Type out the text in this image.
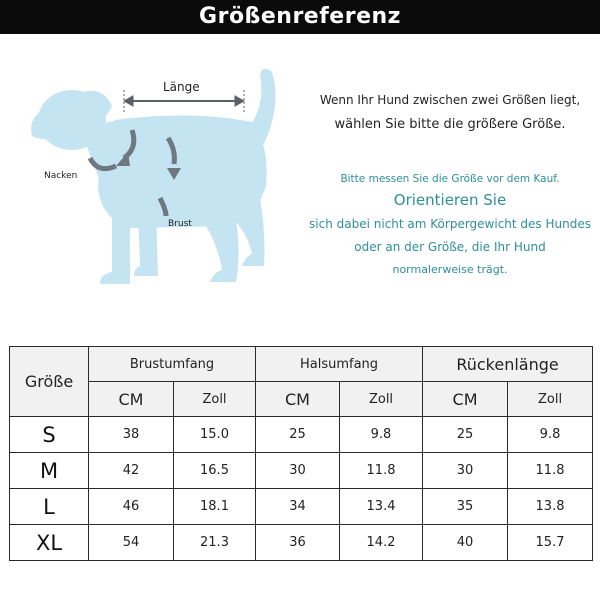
Größenreferenz
Länge
Nacken
Brust
Wenn Ihr Hund zwischen zwei Größen liegt,
wählen Sie bitte die größere Größe.
Bitte messen Sie die Größe vor dem Kauf.
Orientieren Sie
sich dabei nicht am Körpergewicht des Hundes
oder an der Größe, die Ihr Hund
normalerweise trägt.
Größe	Brustumfang		Halsumfang		Rückenlänge	
	CM	Zoll	CM	Zoll	CM	Zoll
S	38	15.0	25	9.8	25	9.8
M	42	16.5	30	11.8	30	11.8
L	46	18.1	34	13.4	35	13.8
XL	54	21.3	36	14.2	40	15.7
